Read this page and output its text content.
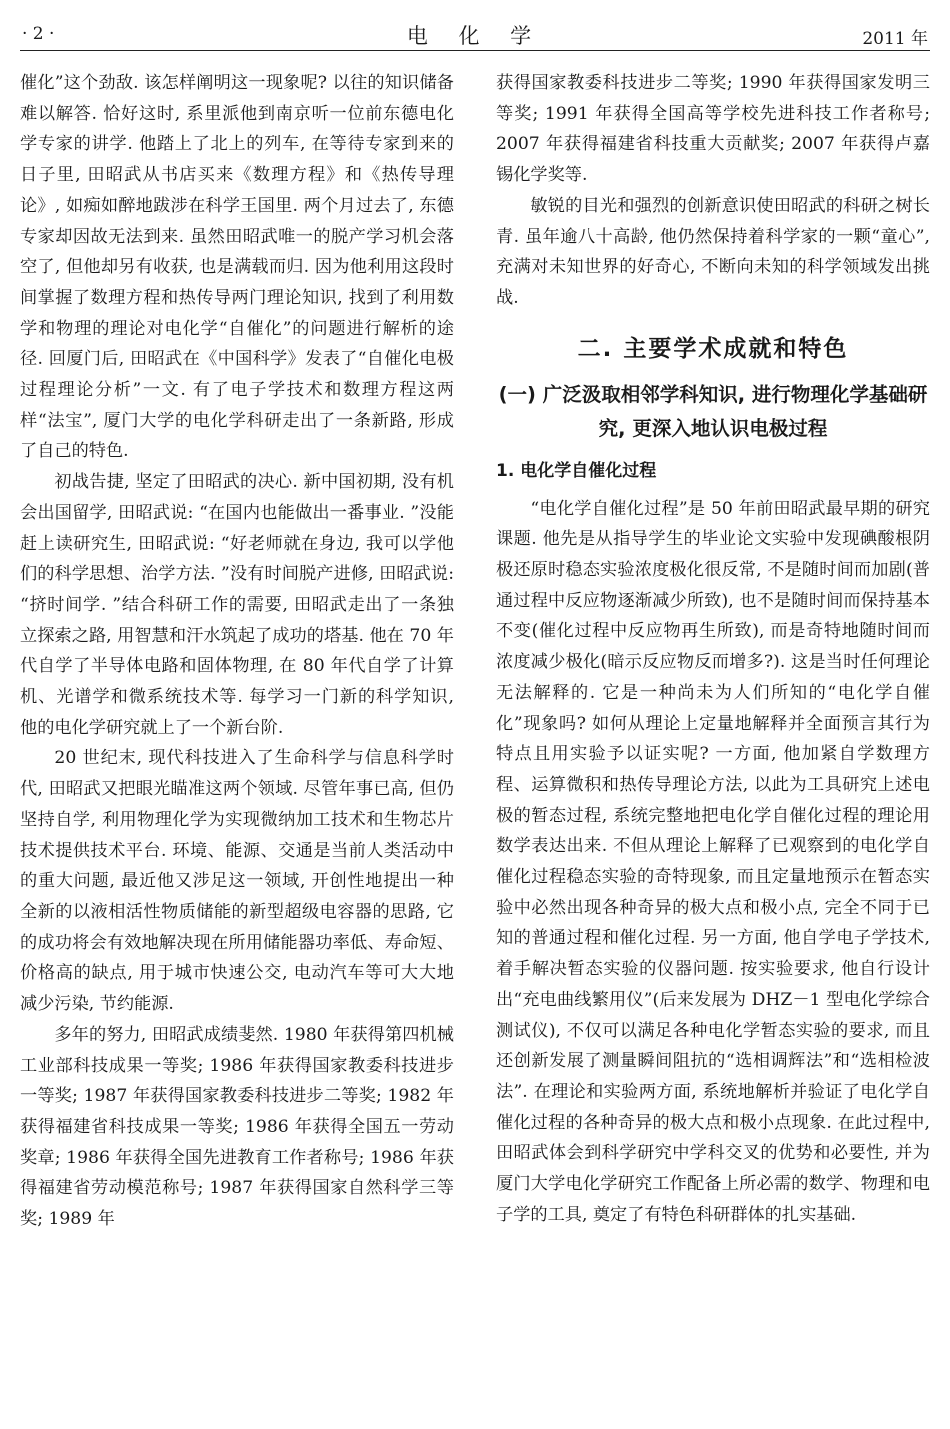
· 2 ·	电 化 学	2011 年

催化”这个劲敌. 该怎样阐明这一现象呢? 以往的知识储备难以解答. 恰好这时, 系里派他到南京听一位前东德电化学专家的讲学. 他踏上了北上的列车, 在等待专家到来的日子里, 田昭武从书店买来《数理方程》和《热传导理论》, 如痴如醉地跋涉在科学王国里. 两个月过去了, 东德专家却因故无法到来. 虽然田昭武唯一的脱产学习机会落空了, 但他却另有收获, 也是满载而归. 因为他利用这段时间掌握了数理方程和热传导两门理论知识, 找到了利用数学和物理的理论对电化学“自催化”的问题进行解析的途径. 回厦门后, 田昭武在《中国科学》发表了“自催化电极过程理论分析”一文. 有了电子学技术和数理方程这两样“法宝”, 厦门大学的电化学科研走出了一条新路, 形成了自己的特色.

初战告捷, 坚定了田昭武的决心. 新中国初期, 没有机会出国留学, 田昭武说: “在国内也能做出一番事业. ”没能赶上读研究生, 田昭武说: “好老师就在身边, 我可以学他们的科学思想、治学方法. ”没有时间脱产进修, 田昭武说: “挤时间学. ”结合科研工作的需要, 田昭武走出了一条独立探索之路, 用智慧和汗水筑起了成功的塔基. 他在 70 年代自学了半导体电路和固体物理, 在 80 年代自学了计算机、光谱学和微系统技术等. 每学习一门新的科学知识, 他的电化学研究就上了一个新台阶.

20 世纪末, 现代科技进入了生命科学与信息科学时代, 田昭武又把眼光瞄准这两个领域. 尽管年事已高, 但仍坚持自学, 利用物理化学为实现微纳加工技术和生物芯片技术提供技术平台. 环境、能源、交通是当前人类活动中的重大问题, 最近他又涉足这一领域, 开创性地提出一种全新的以液相活性物质储能的新型超级电容器的思路, 它的成功将会有效地解决现在所用储能器功率低、寿命短、价格高的缺点, 用于城市快速公交, 电动汽车等可大大地减少污染, 节约能源.

多年的努力, 田昭武成绩斐然. 1980 年获得第四机械工业部科技成果一等奖; 1986 年获得国家教委科技进步一等奖; 1987 年获得国家教委科技进步二等奖; 1982 年获得福建省科技成果一等奖; 1986 年获得全国五一劳动奖章; 1986 年获得全国先进教育工作者称号; 1986 年获得福建省劳动模范称号; 1987 年获得国家自然科学三等奖; 1989 年

获得国家教委科技进步二等奖; 1990 年获得国家发明三等奖; 1991 年获得全国高等学校先进科技工作者称号; 2007 年获得福建省科技重大贡献奖; 2007 年获得卢嘉锡化学奖等.

敏锐的目光和强烈的创新意识使田昭武的科研之树长青. 虽年逾八十高龄, 他仍然保持着科学家的一颗“童心”, 充满对未知世界的好奇心, 不断向未知的科学领域发出挑战.

二. 主要学术成就和特色
(一) 广泛汲取相邻学科知识, 进行物理化学基础研究, 更深入地认识电极过程
1. 电化学自催化过程

“电化学自催化过程”是 50 年前田昭武最早期的研究课题. 他先是从指导学生的毕业论文实验中发现碘酸根阴极还原时稳态实验浓度极化很反常, 不是随时间而加剧(普通过程中反应物逐渐减少所致), 也不是随时间而保持基本不变(催化过程中反应物再生所致), 而是奇特地随时间而浓度减少极化(暗示反应物反而增多?). 这是当时任何理论无法解释的. 它是一种尚未为人们所知的“电化学自催化”现象吗? 如何从理论上定量地解释并全面预言其行为特点且用实验予以证实呢? 一方面, 他加紧自学数理方程、运算微积和热传导理论方法, 以此为工具研究上述电极的暂态过程, 系统完整地把电化学自催化过程的理论用数学表达出来. 不但从理论上解释了已观察到的电化学自催化过程稳态实验的奇特现象, 而且定量地预示在暂态实验中必然出现各种奇异的极大点和极小点, 完全不同于已知的普通过程和催化过程. 另一方面, 他自学电子学技术, 着手解决暂态实验的仪器问题. 按实验要求, 他自行设计出“充电曲线繁用仪”(后来发展为 DHZ－1 型电化学综合测试仪), 不仅可以满足各种电化学暂态实验的要求, 而且还创新发展了测量瞬间阻抗的“选相调辉法”和“选相检波法”. 在理论和实验两方面, 系统地解析并验证了电化学自催化过程的各种奇异的极大点和极小点现象. 在此过程中, 田昭武体会到科学研究中学科交叉的优势和必要性, 并为厦门大学电化学研究工作配备上所必需的数学、物理和电子学的工具, 奠定了有特色科研群体的扎实基础.
